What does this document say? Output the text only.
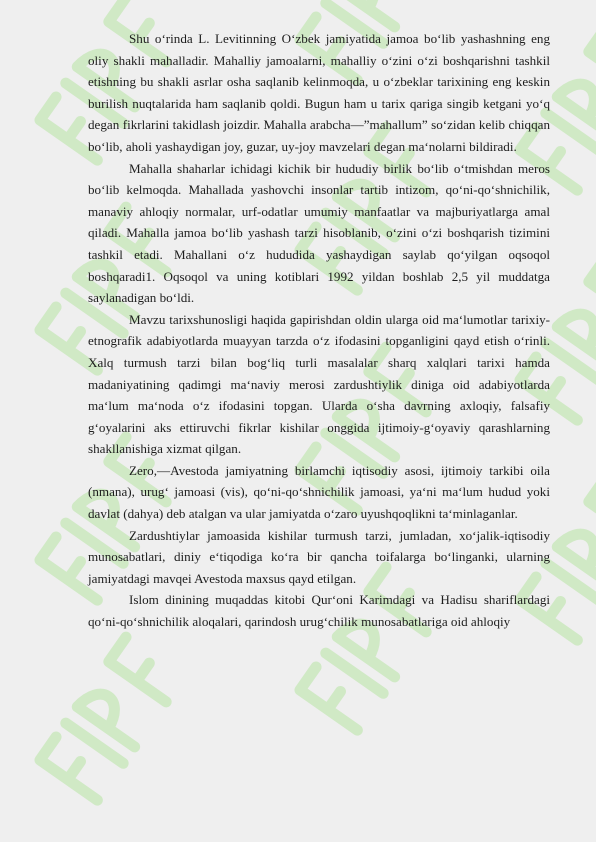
Shu o‘rinda L. Levitinning O‘zbek jamiyatida jamoa bo‘lib yashashning eng oliy shakli mahalladir. Mahalliy jamoalarni, mahalliy o‘zini o‘zi boshqarishni tashkil etishning bu shakli asrlar osha saqlanib kelinmoqda, u o‘zbeklar tarixining eng keskin burilish nuqtalarida ham saqlanib qoldi. Bugun ham u tarix qariga singib ketgani yo‘q degan fikrlarini takidlash joizdir. Mahalla arabcha—”mahallum” so‘zidan kelib chiqqan bo‘lib, aholi yashaydigan joy, guzar, uy-joy mavzelari degan ma‘nolarni bildiradi.

Mahalla shaharlar ichidagi kichik bir hududiy birlik bo‘lib o‘tmishdan meros bo‘lib kelmoqda. Mahallada yashovchi insonlar tartib intizom, qo‘ni-qo‘shnichilik, manaviy ahloqiy normalar, urf-odatlar umumiy manfaatlar va majburiyatlarga amal qiladi. Mahalla jamoa bo‘lib yashash tarzi hisoblanib, o‘zini o‘zi boshqarish tizimini tashkil etadi. Mahallani o‘z hududida yashaydigan saylab qo‘yilgan oqsoqol boshqaradi1. Oqsoqol va uning kotiblari 1992 yildan boshlab 2,5 yil muddatga saylanadigan bo‘ldi.

Mavzu tarixshunosligi haqida gapirishdan oldin ularga oid ma‘lumotlar tarixiy-etnografik adabiyotlarda muayyan tarzda o‘z ifodasini topganligini qayd etish o‘rinli. Xalq turmush tarzi bilan bog‘liq turli masalalar sharq xalqlari tarixi hamda madaniyatining qadimgi ma‘naviy merosi zardushtiylik diniga oid adabiyotlarda ma‘lum ma‘noda o‘z ifodasini topgan. Ularda o‘sha davrning axloqiy, falsafiy g‘oyalarini aks ettiruvchi fikrlar kishilar onggida ijtimoiy-g‘oyaviy qarashlarning shakllanishiga xizmat qilgan.

Zero,―Avestoda jamiyatning birlamchi iqtisodiy asosi, ijtimoiy tarkibi oila (nmana), urug‘ jamoasi (vis), qo‘ni-qo‘shnichilik jamoasi, ya‘ni ma‘lum hudud yoki davlat (dahya) deb atalgan va ular jamiyatda o‘zaro uyushqoqlikni ta‘minlaganlar.

Zardushtiylar jamoasida kishilar turmush tarzi, jumladan, xo‘jalik-iqtisodiy munosabatlari, diniy e‘tiqodiga ko‘ra bir qancha toifalarga bo‘linganki, ularning jamiyatdagi mavqei Avestoda maxsus qayd etilgan.

Islom dinining muqaddas kitobi Qur‘oni Karimdagi va Hadisu shariflardagi qo‘ni-qo‘shnichilik aloqalari, qarindosh urug‘chilik munosabatlariga oid ahloqiy
